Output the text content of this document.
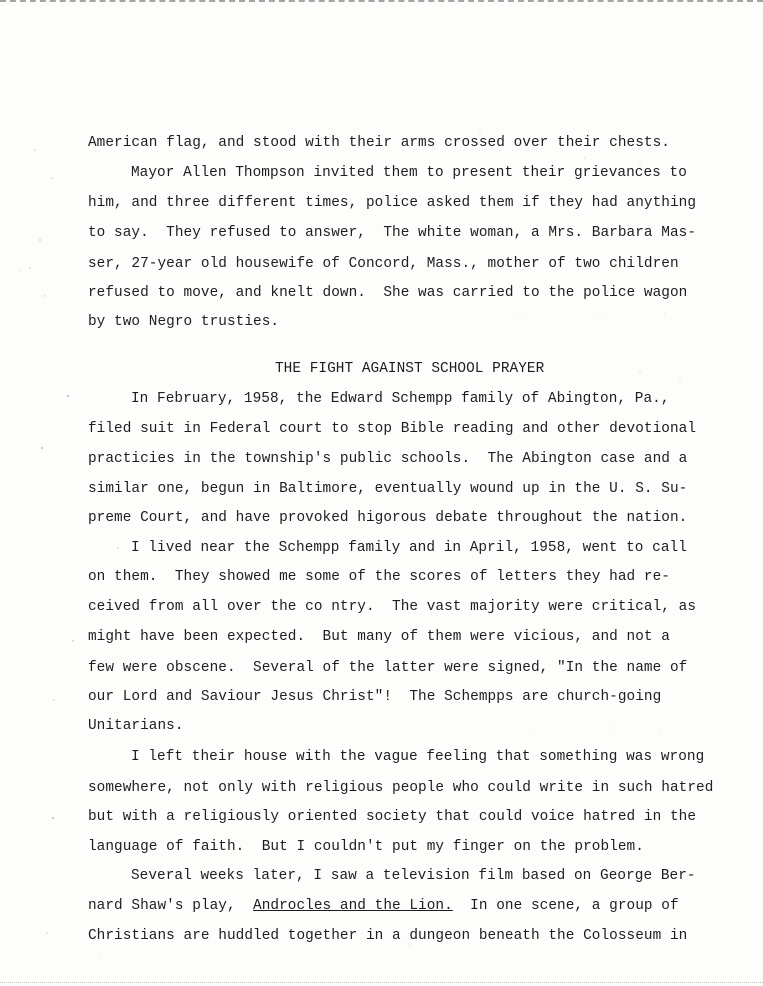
American flag, and stood with their arms crossed over their chests.
Mayor Allen Thompson invited them to present their grievances to
him, and three different times, police asked them if they had anything
to say.  They refused to answer,  The white woman, a Mrs. Barbara Mas-
ser, 27-year old housewife of Concord, Mass., mother of two children
refused to move, and knelt down.  She was carried to the police wagon
by two Negro trusties.
THE FIGHT AGAINST SCHOOL PRAYER
In February, 1958, the Edward Schempp family of Abington, Pa.,
filed suit in Federal court to stop Bible reading and other devotional
practicies in the township's public schools.  The Abington case and a
similar one, begun in Baltimore, eventually wound up in the U. S. Su-
preme Court, and have provoked higorous debate throughout the nation.
I lived near the Schempp family and in April, 1958, went to call
on them.  They showed me some of the scores of letters they had re-
ceived from all over the co ntry.  The vast majority were critical, as
might have been expected.  But many of them were vicious, and not a
few were obscene.  Several of the latter were signed, "In the name of
our Lord and Saviour Jesus Christ"!  The Schempps are church-going
Unitarians.
I left their house with the vague feeling that something was wrong
somewhere, not only with religious people who could write in such hatred
but with a religiously oriented society that could voice hatred in the
language of faith.  But I couldn't put my finger on the problem.
Several weeks later, I saw a television film based on George Ber-
nard Shaw's play,  Androcles and the Lion.  In one scene, a group of
Christians are huddled together in a dungeon beneath the Colosseum in
